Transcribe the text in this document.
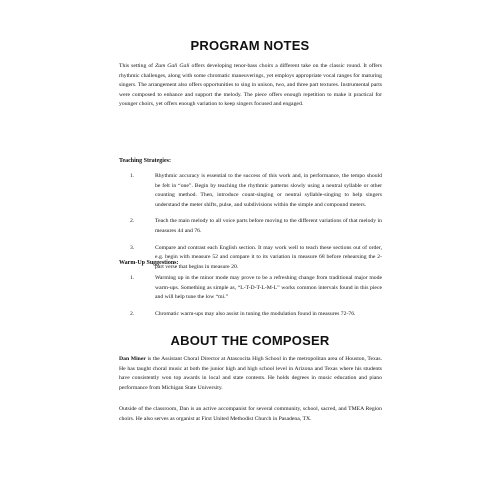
PROGRAM NOTES

This setting of Zum Gali Gali offers developing tenor-bass choirs a different take on the classic round. It offers rhythmic challenges, along with some chromatic maneuverings, yet employs appropriate vocal ranges for maturing singers. The arrangement also offers opportunities to sing in unison, two, and three part textures. Instrumental parts were composed to enhance and support the melody. The piece offers enough repetition to make it practical for younger choirs, yet offers enough variation to keep singers focused and engaged.

Teaching Strategies:

1.	Rhythmic accuracy is essential to the success of this work and, in performance, the tempo should be felt in “one”. Begin by teaching the rhythmic patterns slowly using a neutral syllable or other counting method. Then, introduce count-singing or neutral syllable-singing to help singers understand the meter shifts, pulse, and subdivisions within the simple and compound meters.
2.	Teach the main melody to all voice parts before moving to the different variations of that melody in measures 44 and 76.
3.	Compare and contrast each English section. It may work well to teach these sections out of order, e.g. begin with measure 52 and compare it to its variation in measure 68 before rehearsing the 2-part verse that begins in measure 20.

Warm-Up Suggestions:

1.	Warming up in the minor mode may prove to be a refreshing change from traditional major mode warm-ups. Something as simple as, “L-T-D-T-L-M-L” works common intervals found in this piece and will help tune the low “mi.”
2.	Chromatic warm-ups may also assist in tuning the modulation found in measures 72-76.
ABOUT THE COMPOSER

Dan Miner is the Assistant Choral Director at Atascocita High School in the metropolitan area of Houston, Texas. He has taught choral music at both the junior high and high school level in Arizona and Texas where his students have consistently won top awards in local and state contests. He holds degrees in music education and piano performance from Michigan State University.

Outside of the classroom, Dan is an active accompanist for several community, school, sacred, and TMEA Region choirs. He also serves as organist at First United Methodist Church in Pasadena, TX.
